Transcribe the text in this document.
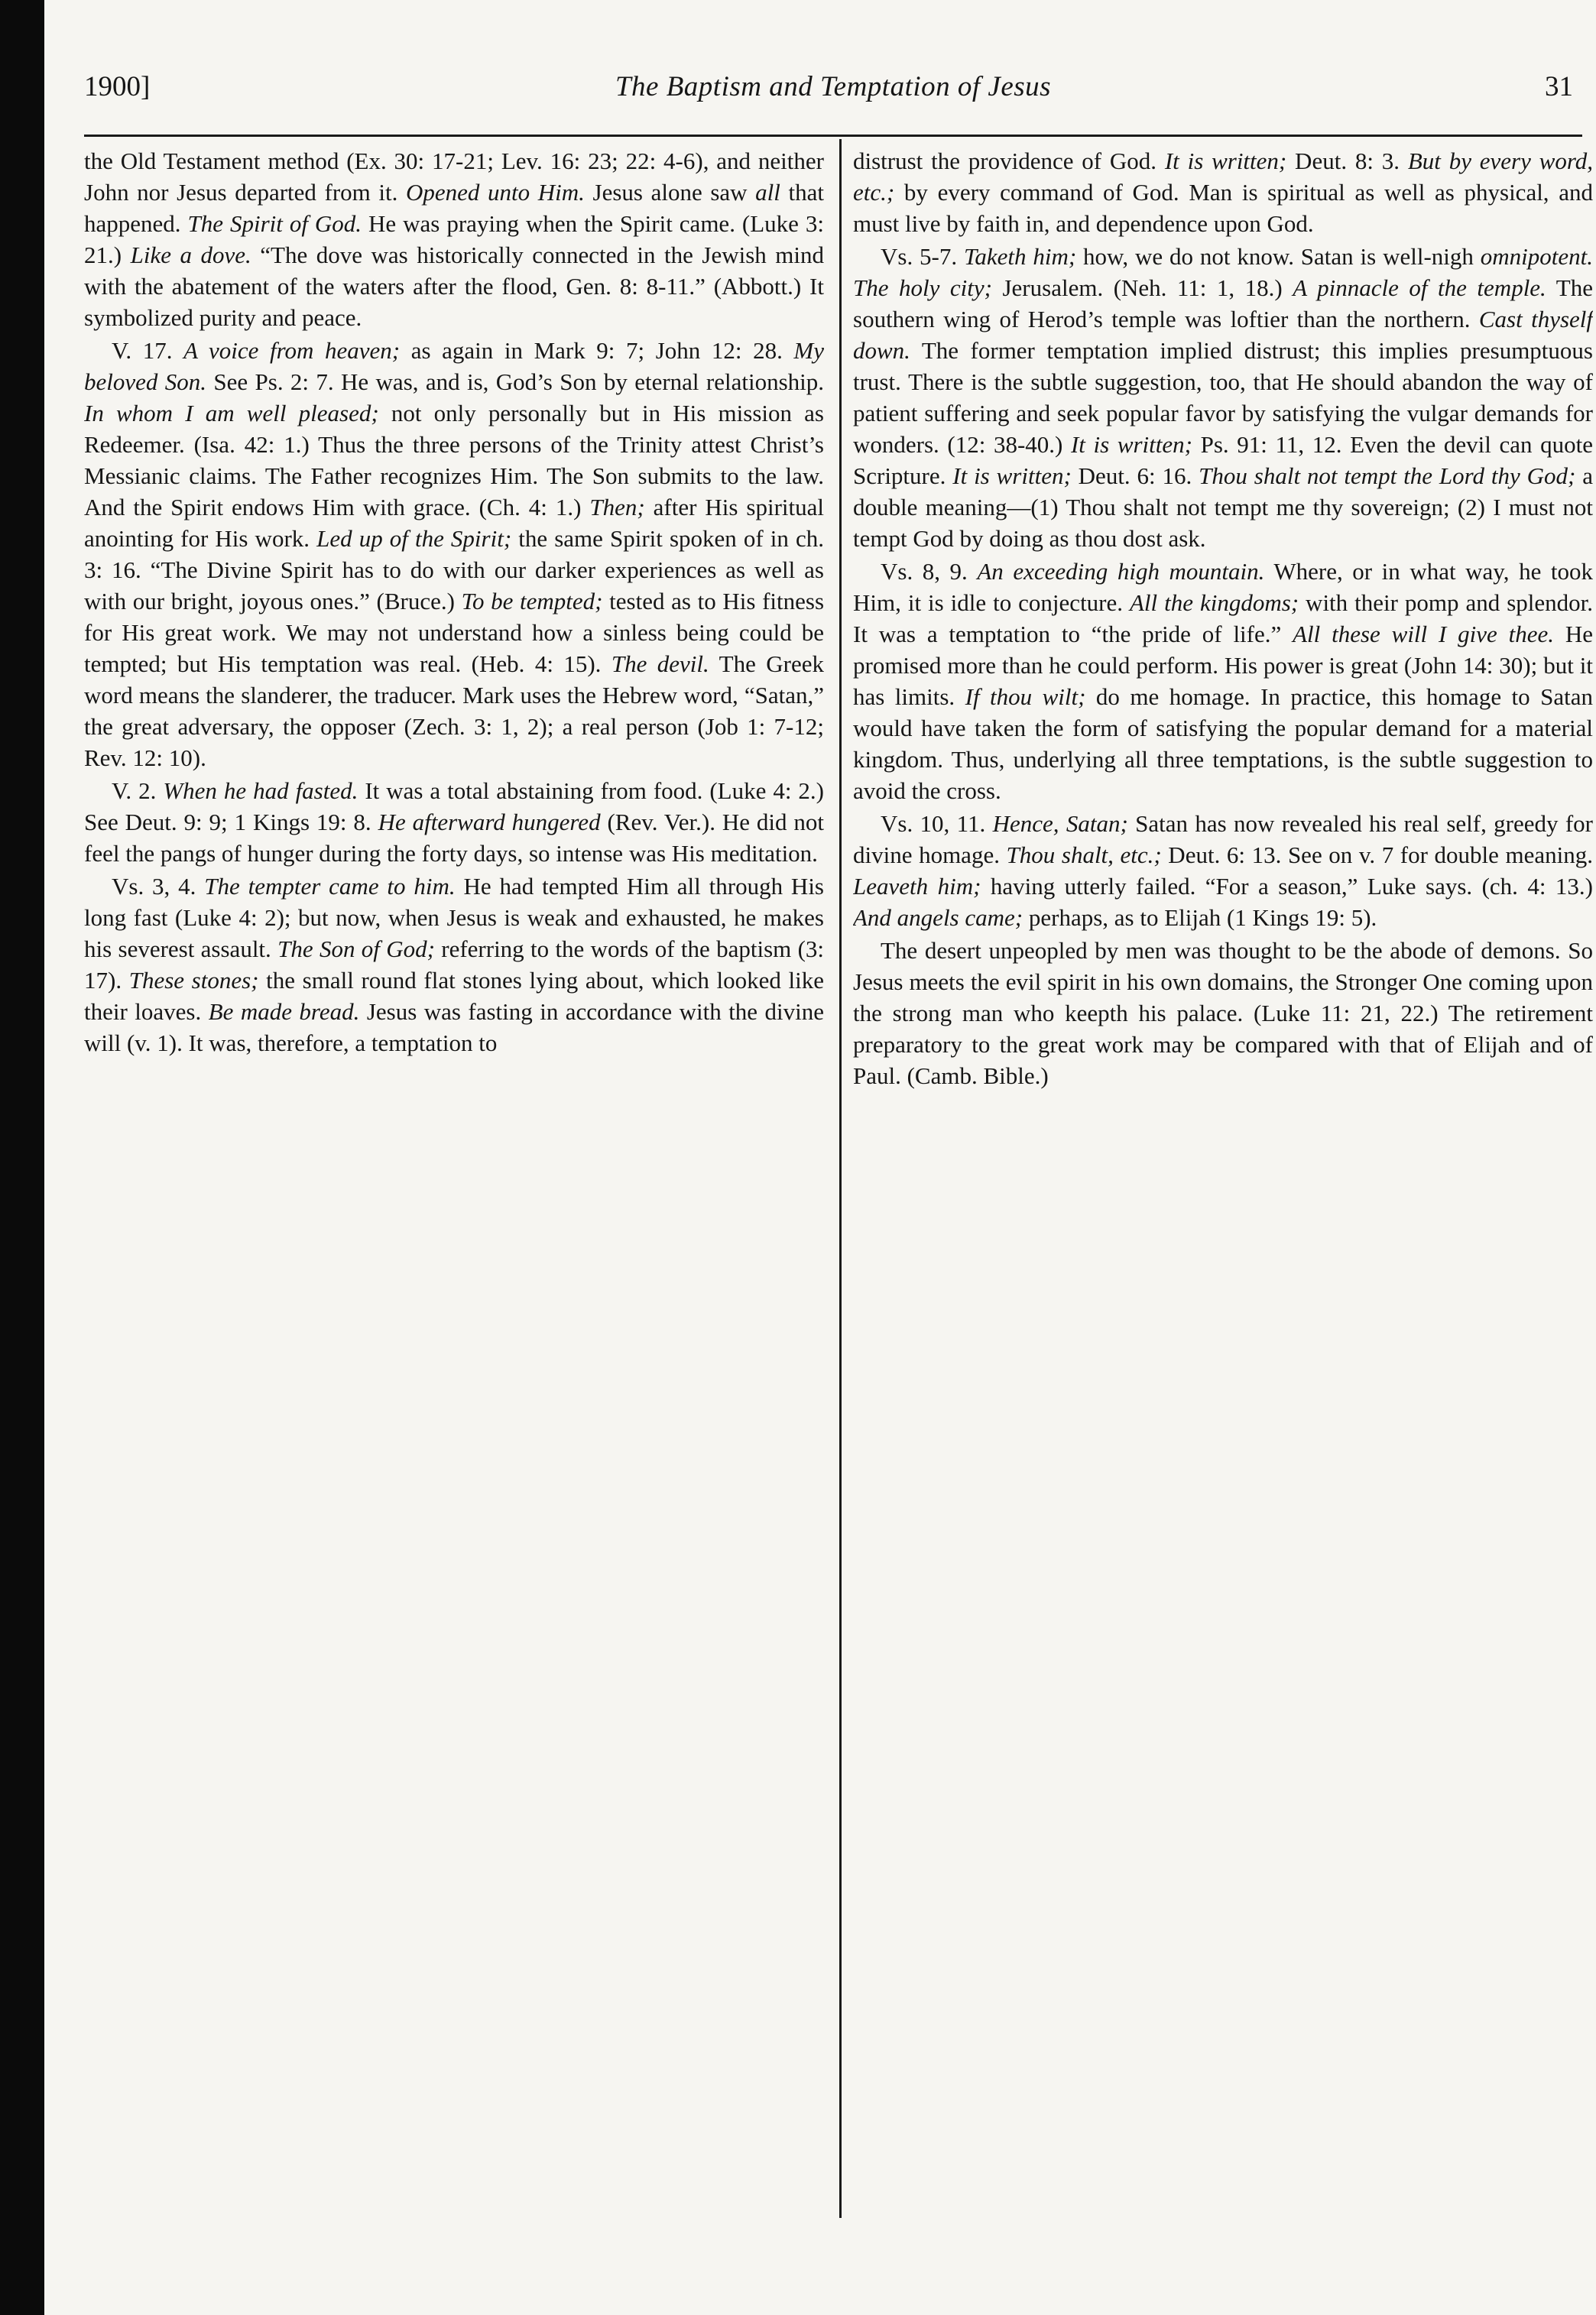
1900]	The Baptism and Temptation of Jesus	31

the Old Testament method (Ex. 30: 17-21; Lev. 16: 23; 22: 4-6), and neither John nor Jesus departed from it. Opened unto Him. Jesus alone saw all that happened. The Spirit of God. He was praying when the Spirit came. (Luke 3: 21.) Like a dove. “The dove was historically connected in the Jewish mind with the abatement of the waters after the flood, Gen. 8: 8-11.” (Abbott.) It symbolized purity and peace.

V. 17. A voice from heaven; as again in Mark 9: 7; John 12: 28. My beloved Son. See Ps. 2: 7. He was, and is, God’s Son by eternal relationship. In whom I am well pleased; not only personally but in His mission as Redeemer. (Isa. 42: 1.) Thus the three persons of the Trinity attest Christ’s Messianic claims. The Father recognizes Him. The Son submits to the law. And the Spirit endows Him with grace. (Ch. 4: 1.) Then; after His spiritual anointing for His work. Led up of the Spirit; the same Spirit spoken of in ch. 3: 16. “The Divine Spirit has to do with our darker experiences as well as with our bright, joyous ones.” (Bruce.) To be tempted; tested as to His fitness for His great work. We may not understand how a sinless being could be tempted; but His temptation was real. (Heb. 4: 15). The devil. The Greek word means the slanderer, the traducer. Mark uses the Hebrew word, “Satan,” the great adversary, the opposer (Zech. 3: 1, 2); a real person (Job 1: 7-12; Rev. 12: 10).

V. 2. When he had fasted. It was a total abstaining from food. (Luke 4: 2.) See Deut. 9: 9; 1 Kings 19: 8. He afterward hungered (Rev. Ver.). He did not feel the pangs of hunger during the forty days, so intense was His meditation.

Vs. 3, 4. The tempter came to him. He had tempted Him all through His long fast (Luke 4: 2); but now, when Jesus is weak and exhausted, he makes his severest assault. The Son of God; referring to the words of the baptism (3: 17). These stones; the small round flat stones lying about, which looked like their loaves. Be made bread. Jesus was fasting in accordance with the divine will (v. 1). It was, therefore, a temptation to

distrust the providence of God. It is written; Deut. 8: 3. But by every word, etc.; by every command of God. Man is spiritual as well as physical, and must live by faith in, and dependence upon God.

Vs. 5-7. Taketh him; how, we do not know. Satan is well-nigh omnipotent. The holy city; Jerusalem. (Neh. 11: 1, 18.) A pinnacle of the temple. The southern wing of Herod’s temple was loftier than the northern. Cast thyself down. The former temptation implied distrust; this implies presumptuous trust. There is the subtle suggestion, too, that He should abandon the way of patient suffering and seek popular favor by satisfying the vulgar demands for wonders. (12: 38-40.) It is written; Ps. 91: 11, 12. Even the devil can quote Scripture. It is written; Deut. 6: 16. Thou shalt not tempt the Lord thy God; a double meaning—(1) Thou shalt not tempt me thy sovereign; (2) I must not tempt God by doing as thou dost ask.

Vs. 8, 9. An exceeding high mountain. Where, or in what way, he took Him, it is idle to conjecture. All the kingdoms; with their pomp and splendor. It was a temptation to “the pride of life.” All these will I give thee. He promised more than he could perform. His power is great (John 14: 30); but it has limits. If thou wilt; do me homage. In practice, this homage to Satan would have taken the form of satisfying the popular demand for a material kingdom. Thus, underlying all three temptations, is the subtle suggestion to avoid the cross.

Vs. 10, 11. Hence, Satan; Satan has now revealed his real self, greedy for divine homage. Thou shalt, etc.; Deut. 6: 13. See on v. 7 for double meaning. Leaveth him; having utterly failed. “For a season,” Luke says. (ch. 4: 13.) And angels came; perhaps, as to Elijah (1 Kings 19: 5).

The desert unpeopled by men was thought to be the abode of demons. So Jesus meets the evil spirit in his own domains, the Stronger One coming upon the strong man who keepth his palace. (Luke 11: 21, 22.) The retirement preparatory to the great work may be compared with that of Elijah and of Paul. (Camb. Bible.)
